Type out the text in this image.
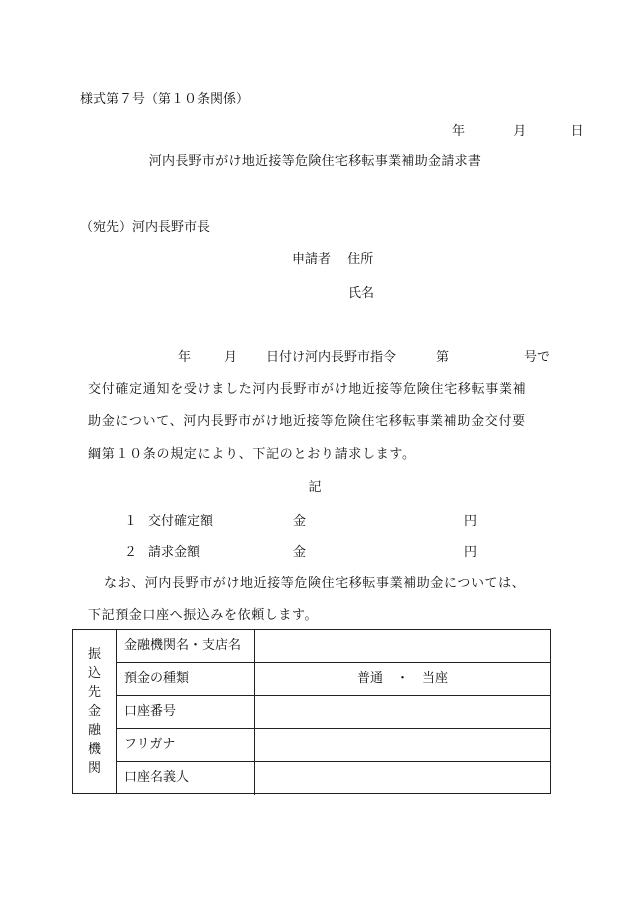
様式第７号（第１０条関係）
年	月	日
河内長野市がけ地近接等危険住宅移転事業補助金請求書
（宛先）河内長野市長
申請者 住所
氏名
年	月 日付け河内長野市指令	第	号で
交付確定通知を受けました河内長野市がけ地近接等危険住宅移転事業補
助金について、河内長野市がけ地近接等危険住宅移転事業補助金交付要
綱第１０条の規定により、下記のとおり請求します。
記
１ 交付確定額	金	円
２ 請求金額	金	円
なお、河内長野市がけ地近接等危険住宅移転事業補助金については、
下記預金口座へ振込みを依頼します。
振
込
先
金
融
機
関
金融機関名・支店名
預金の種類	普通　・　当座
口座番号
フリガナ
口座名義人
